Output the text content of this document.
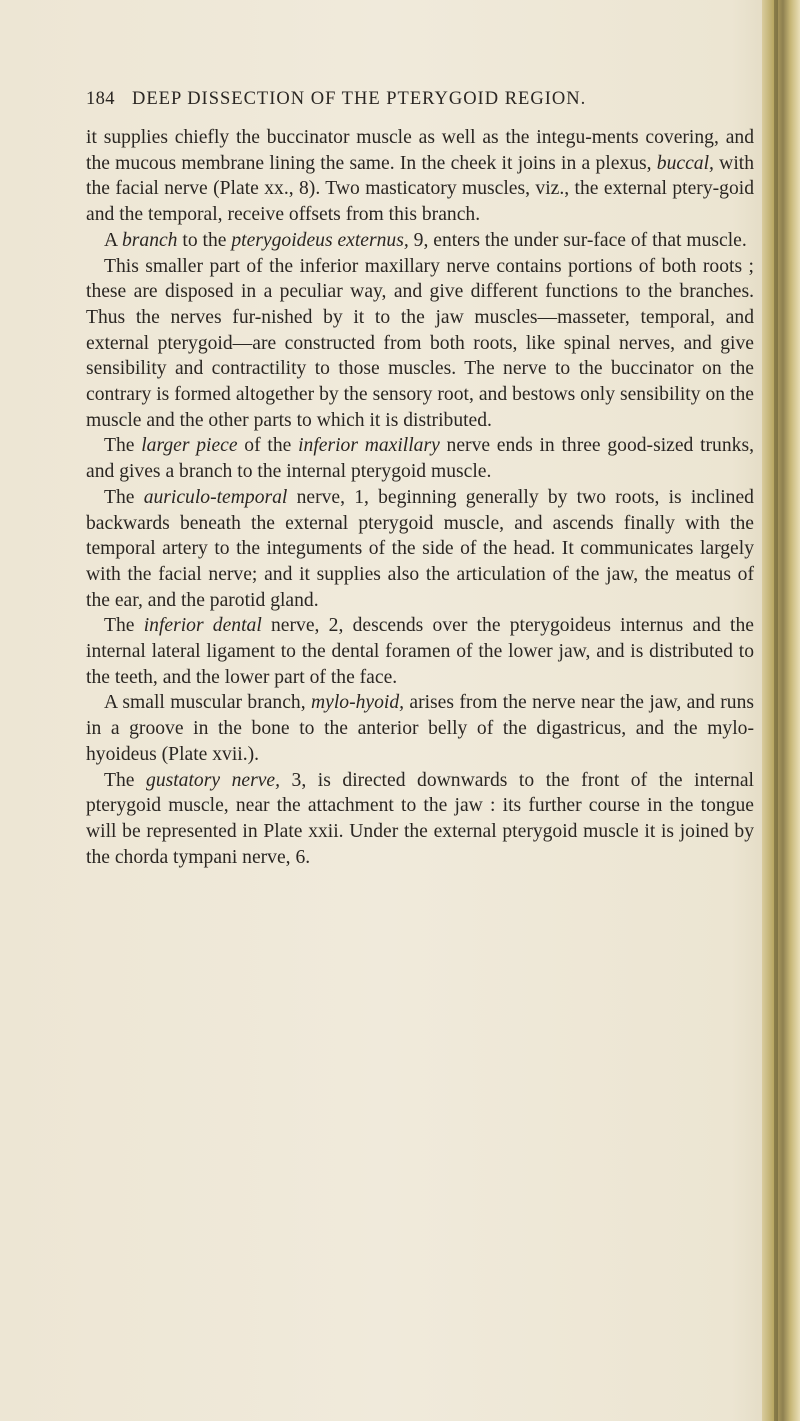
184 DEEP DISSECTION OF THE PTERYGOID REGION.

it supplies chiefly the buccinator muscle as well as the integu-ments covering, and the mucous membrane lining the same. In the cheek it joins in a plexus, buccal, with the facial nerve (Plate xx., 8). Two masticatory muscles, viz., the external ptery-goid and the temporal, receive offsets from this branch.

A branch to the pterygoideus externus, 9, enters the under sur-face of that muscle.

This smaller part of the inferior maxillary nerve contains portions of both roots ; these are disposed in a peculiar way, and give different functions to the branches. Thus the nerves fur-nished by it to the jaw muscles—masseter, temporal, and external pterygoid—are constructed from both roots, like spinal nerves, and give sensibility and contractility to those muscles. The nerve to the buccinator on the contrary is formed altogether by the sensory root, and bestows only sensibility on the muscle and the other parts to which it is distributed.

The larger piece of the inferior maxillary nerve ends in three good-sized trunks, and gives a branch to the internal pterygoid muscle.

The auriculo-temporal nerve, 1, beginning generally by two roots, is inclined backwards beneath the external pterygoid muscle, and ascends finally with the temporal artery to the integuments of the side of the head. It communicates largely with the facial nerve; and it supplies also the articulation of the jaw, the meatus of the ear, and the parotid gland.

The inferior dental nerve, 2, descends over the pterygoideus internus and the internal lateral ligament to the dental foramen of the lower jaw, and is distributed to the teeth, and the lower part of the face.

A small muscular branch, mylo-hyoid, arises from the nerve near the jaw, and runs in a groove in the bone to the anterior belly of the digastricus, and the mylo-hyoideus (Plate xvii.).

The gustatory nerve, 3, is directed downwards to the front of the internal pterygoid muscle, near the attachment to the jaw : its further course in the tongue will be represented in Plate xxii. Under the external pterygoid muscle it is joined by the chorda tympani nerve, 6.
